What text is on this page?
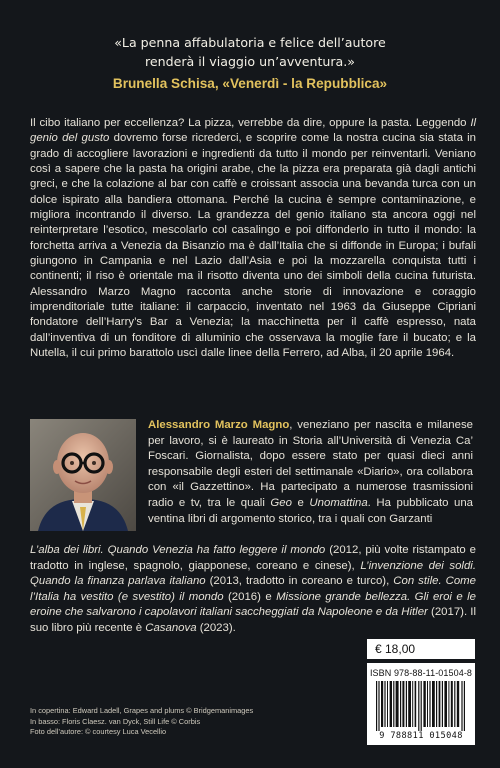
«La penna affabulatoria e felice dell’autore
renderà il viaggio un’avventura.»
Brunella Schisa, «Venerdì - la Repubblica»

Il cibo italiano per eccellenza? La pizza, verrebbe da dire, oppure la pasta. Leggendo Il genio del gusto dovremo forse ricrederci, e scoprire come la nostra cucina sia stata in grado di accogliere lavorazioni e ingredienti da tutto il mondo per reinventarli. Veniano così a sapere che la pasta ha origini arabe, che la pizza era preparata già dagli antichi greci, e che la colazione al bar con caffè e croissant associa una bevanda turca con un dolce ispirato alla bandiera ottomana. Perché la cucina è sempre contaminazione, e migliora incontrando il diverso. La grandezza del genio italiano sta ancora oggi nel reinterpretare l’esotico, mescolarlo col casalingo e poi diffonderlo in tutto il mondo: la forchetta arriva a Venezia da Bisanzio ma è dall’Italia che si diffonde in Europa; i bufali giungono in Campania e nel Lazio dall’Asia e poi la mozzarella conquista tutti i continenti; il riso è orientale ma il risotto diventa uno dei simboli della cucina futurista. Alessandro Marzo Magno racconta anche storie di innovazione e coraggio imprenditoriale tutte italiane: il carpaccio, inventato nel 1963 da Giuseppe Cipriani fondatore dell’Harry’s Bar a Venezia; la macchinetta per il caffè espresso, nata dall’inventiva di un fonditore di alluminio che osservava la moglie fare il bucato; e la Nutella, il cui primo barattolo uscì dalle linee della Ferrero, ad Alba, il 20 aprile 1964.

Alessandro Marzo Magno, veneziano per nascita e milanese per lavoro, si è laureato in Storia all’Università di Venezia Ca’ Foscari. Giornalista, dopo essere stato per quasi dieci anni responsabile degli esteri del settimanale «Diario», ora collabora con «il Gazzettino». Ha partecipato a numerose trasmissioni radio e tv, tra le quali Geo e Unomattina. Ha pubblicato una ventina libri di argomento storico, tra i quali con Garzanti

L’alba dei libri. Quando Venezia ha fatto leggere il mondo (2012, più volte ristampato e tradotto in inglese, spagnolo, giapponese, coreano e cinese), L’invenzione dei soldi. Quando la finanza parlava italiano (2013, tradotto in coreano e turco), Con stile. Come l’Italia ha vestito (e svestito) il mondo (2016) e Missione grande bellezza. Gli eroi e le eroine che salvarono i capolavori italiani saccheggiati da Napoleone e da Hitler (2017). Il suo libro più recente è Casanova (2023).

€ 18,00
ISBN 978-88-11-01504-8
9 788811 015048
In copertina: Edward Ladell, Grapes and plums © Bridgemanimages
In basso: Floris Claesz. van Dyck, Still Life © Corbis
Foto dell’autore: © courtesy Luca Vecellio
